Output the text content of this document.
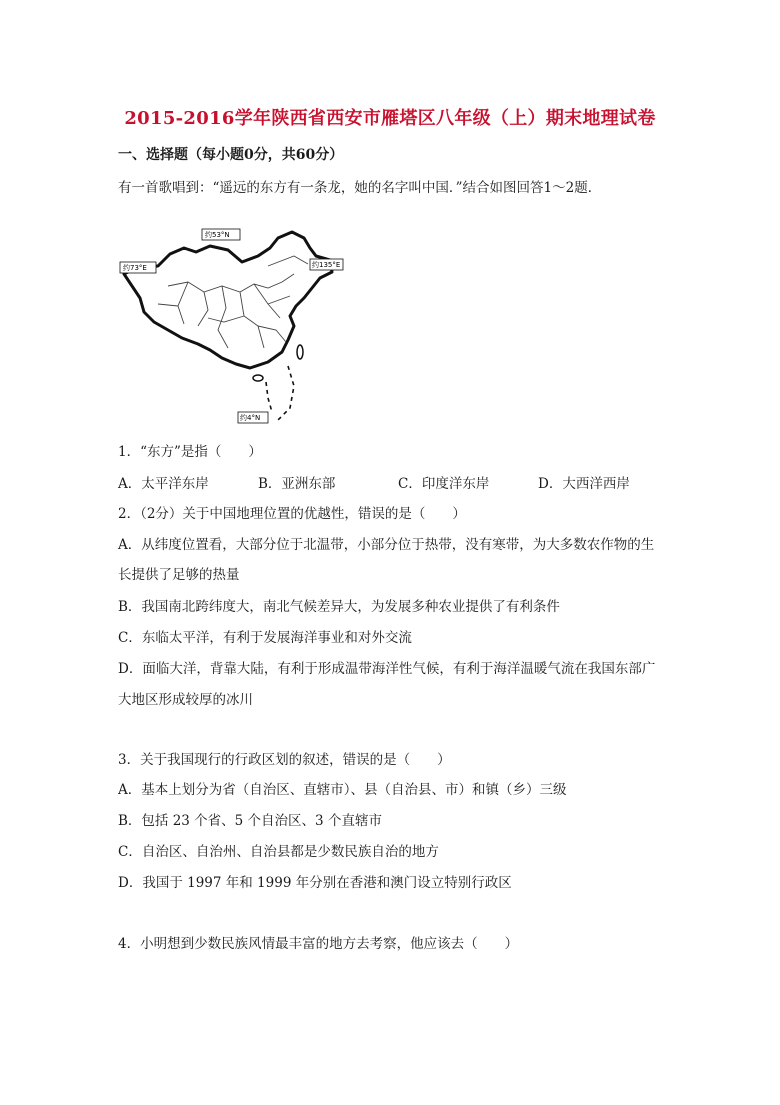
2015-2016学年陕西省西安市雁塔区八年级（上）期末地理试卷
一、选择题（每小题0分，共60分）
有一首歌唱到：“遥远的东方有一条龙，她的名字叫中国．”结合如图回答1～2题．
约53°N
约73°E	约135°E
约4°N
1．“东方”是指（　　）
A．太平洋东岸	B．亚洲东部	C．印度洋东岸	D．大西洋西岸
2．（2分）关于中国地理位置的优越性，错误的是（　　）
A．从纬度位置看，大部分位于北温带，小部分位于热带，没有寒带，为大多数农作物的生
长提供了足够的热量
B．我国南北跨纬度大，南北气候差异大，为发展多种农业提供了有利条件
C．东临太平洋，有利于发展海洋事业和对外交流
D．面临大洋，背靠大陆，有利于形成温带海洋性气候，有利于海洋温暖气流在我国东部广
大地区形成较厚的冰川
3．关于我国现行的行政区划的叙述，错误的是（　　）
A．基本上划分为省（自治区、直辖市）、县（自治县、市）和镇（乡）三级
B．包括 23 个省、5 个自治区、3 个直辖市
C．自治区、自治州、自治县都是少数民族自治的地方
D．我国于 1997 年和 1999 年分别在香港和澳门设立特别行政区
4．小明想到少数民族风情最丰富的地方去考察，他应该去（　　）
